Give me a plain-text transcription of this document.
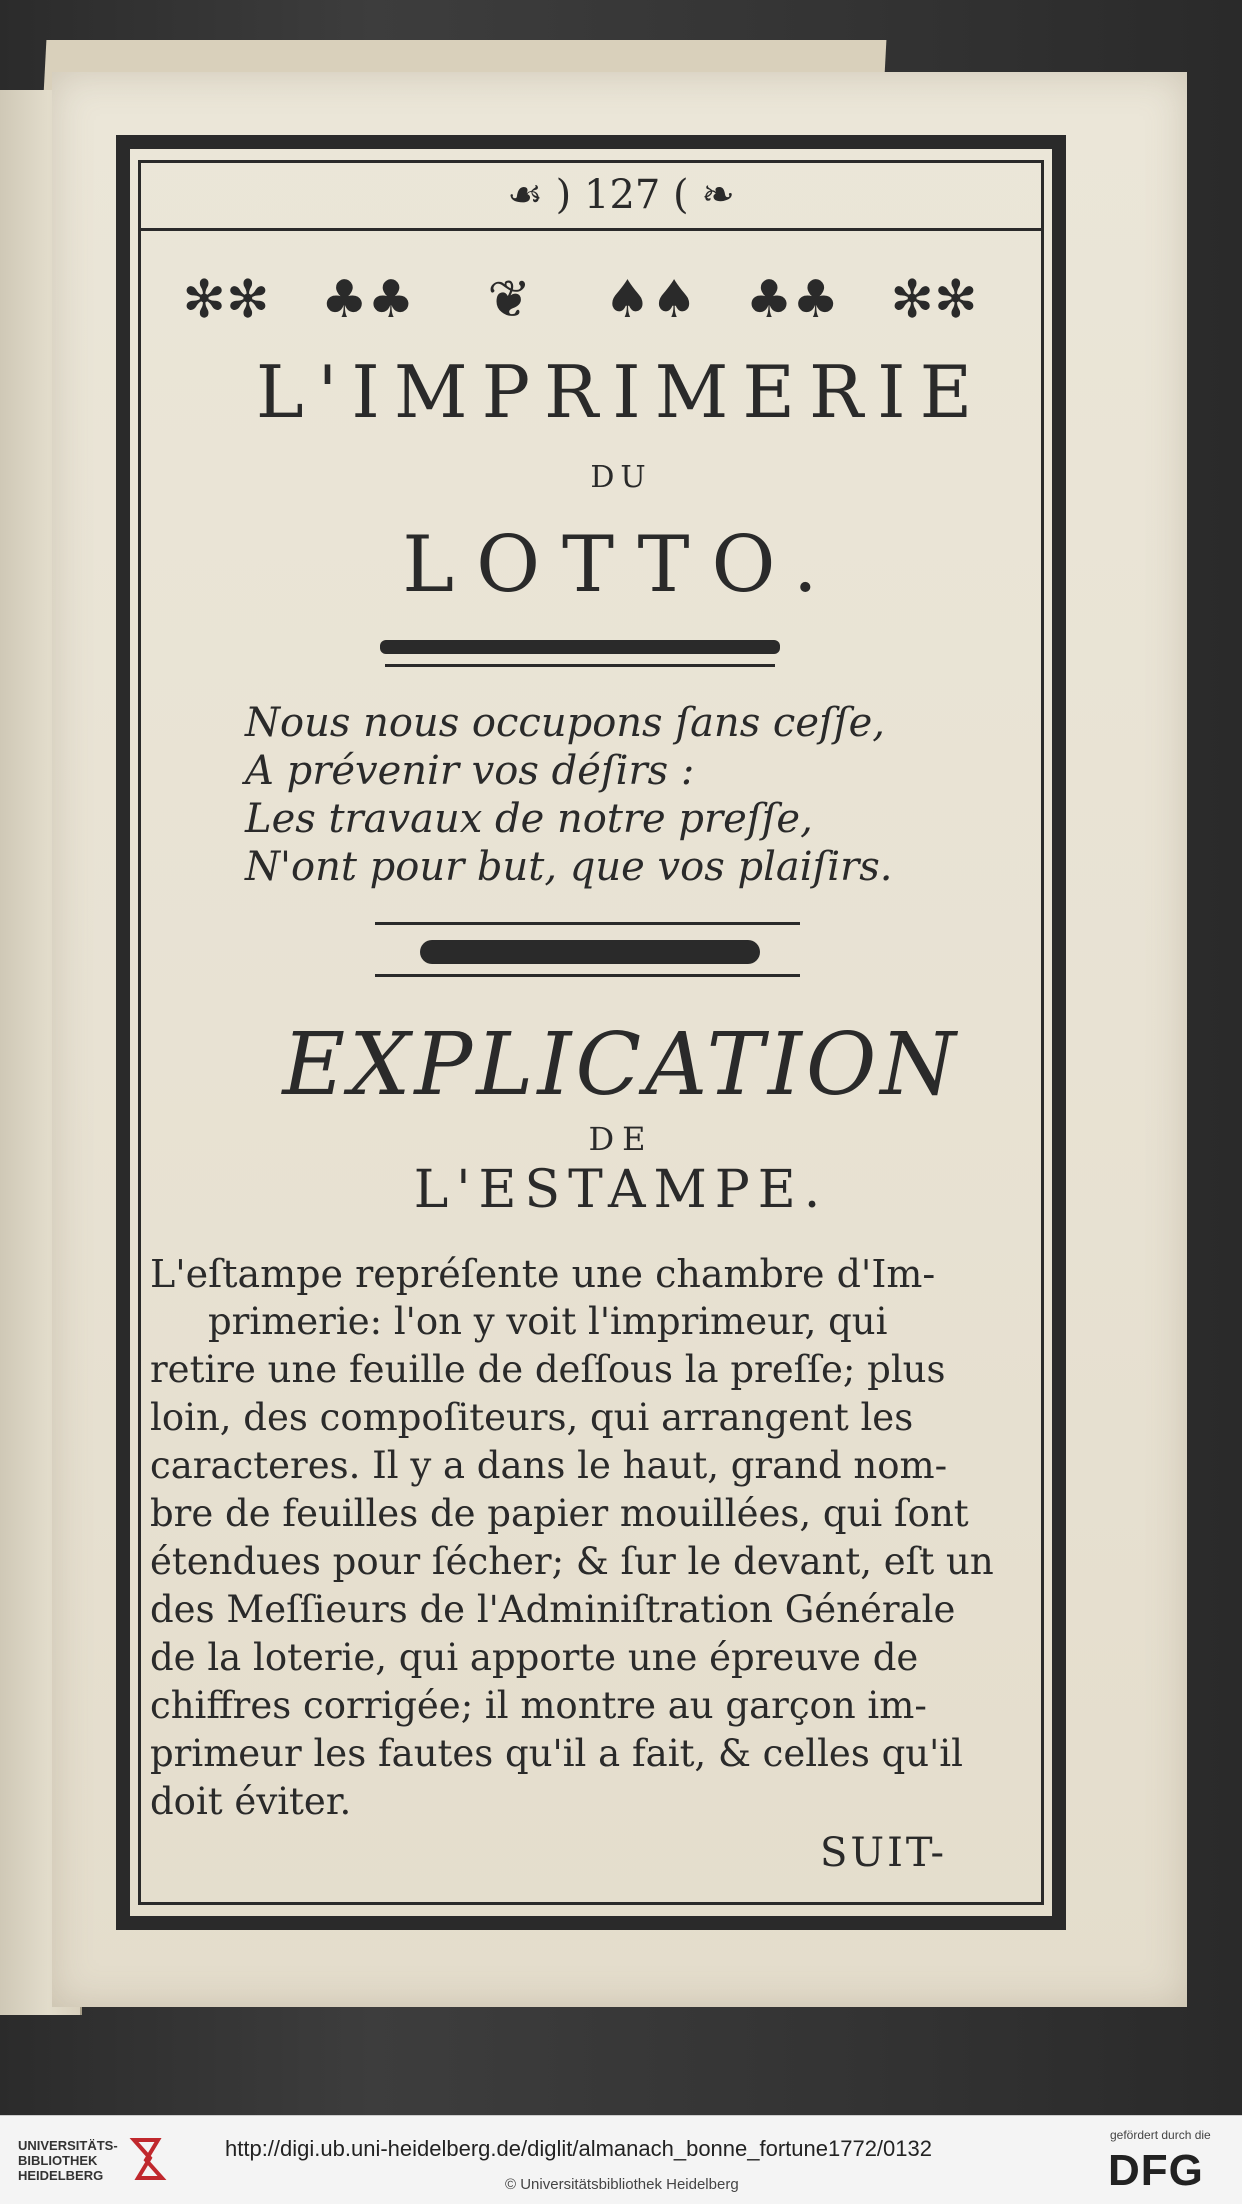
☙ ) 127 ( ❧
✻✻ ♣♣	❦	♠♠ ♣♣ ✻✻
L'IMPRIMERIE
DU
LOTTO.
Nous nous occupons ſans ceſſe,
A prévenir vos déſirs :
Les travaux de notre preſſe,
N'ont pour but, que vos plaiſirs.
EXPLICATION
DE
L'ESTAMPE.
L'eſtampe repréſente une chambre d'Im-
primerie: l'on y voit l'imprimeur, qui
retire une feuille de deſſous la preſſe; plus
loin, des compoſiteurs, qui arrangent les
caracteres. Il y a dans le haut, grand nom-
bre de feuilles de papier mouillées, qui ſont
étendues pour ſécher; & ſur le devant, eſt un
des Meſſieurs de l'Adminiſtration Générale
de la loterie, qui apporte une épreuve de
chiffres corrigée; il montre au garçon im-
primeur les fautes qu'il a fait, & celles qu'il
doit éviter.
SUIT-
UNIVERSITÄTS-
BIBLIOTHEK
HEIDELBERG
http://digi.ub.uni-heidelberg.de/diglit/almanach_bonne_fortune1772/0132
© Universitätsbibliothek Heidelberg
gefördert durch die
DFG
